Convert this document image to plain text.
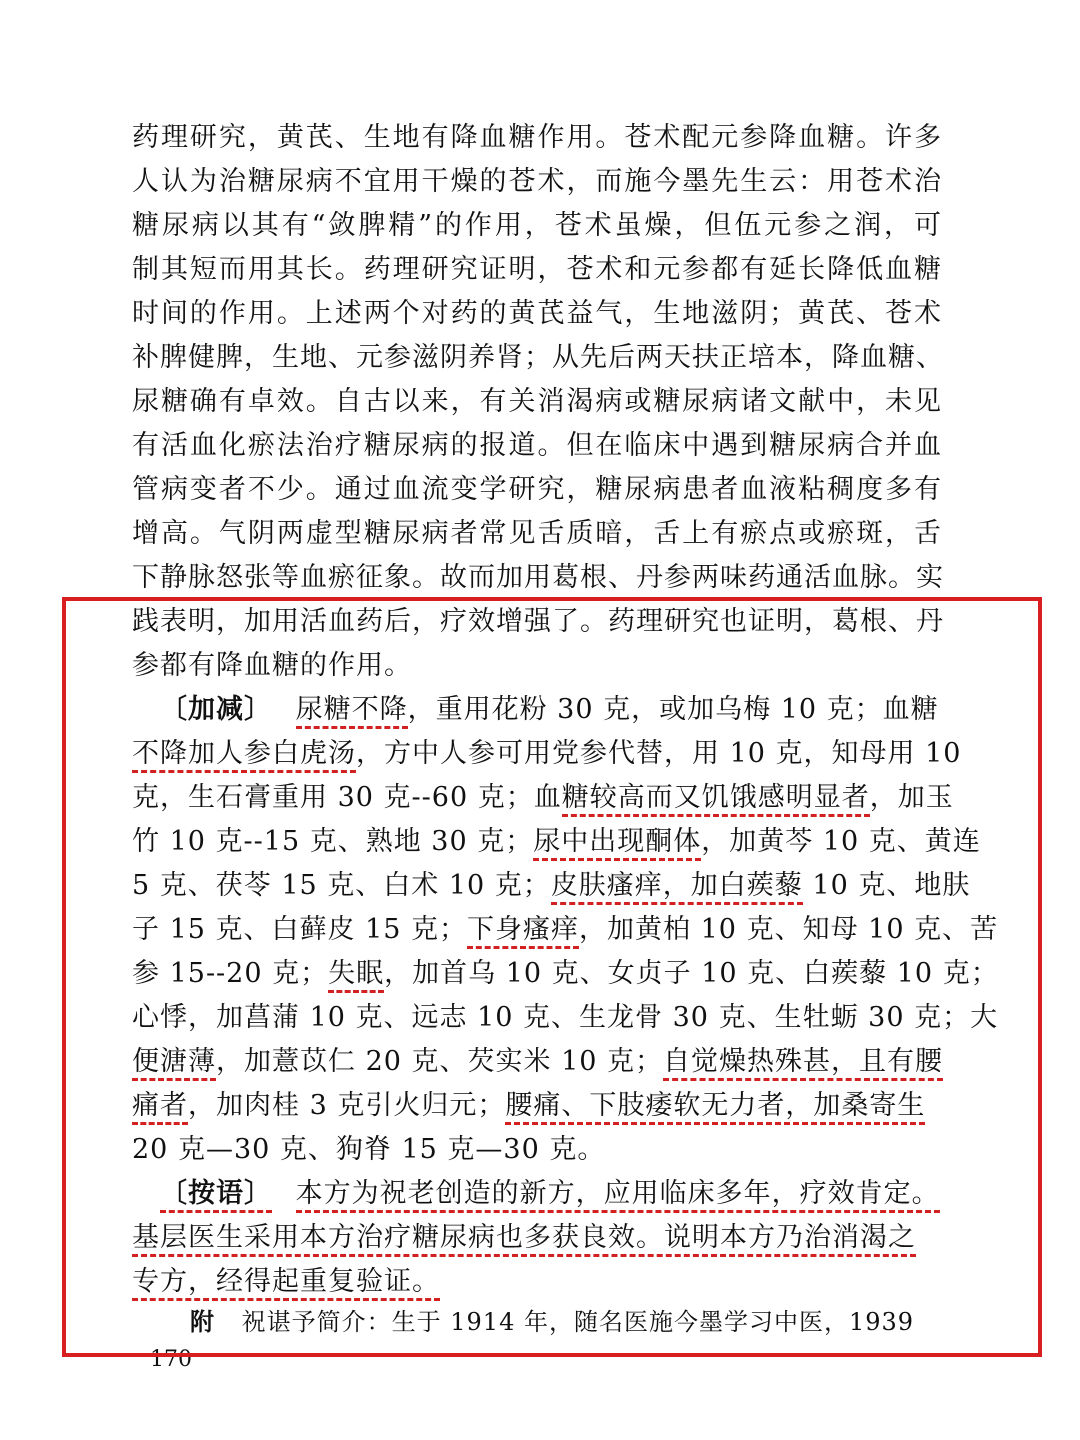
药理研究，黄芪、生地有降血糖作用。苍术配元参降血糖。许多
人认为治糖尿病不宜用干燥的苍术，而施今墨先生云：用苍术治
糖尿病以其有“敛脾精”的作用，苍术虽燥，但伍元参之润，可
制其短而用其长。药理研究证明，苍术和元参都有延长降低血糖
时间的作用。上述两个对药的黄芪益气，生地滋阴；黄芪、苍术
补脾健脾，生地、元参滋阴养肾；从先后两天扶正培本，降血糖、
尿糖确有卓效。自古以来，有关消渴病或糖尿病诸文献中，未见
有活血化瘀法治疗糖尿病的报道。但在临床中遇到糖尿病合并血
管病变者不少。通过血流变学研究，糖尿病患者血液粘稠度多有
增高。气阴两虚型糖尿病者常见舌质暗，舌上有瘀点或瘀斑，舌
下静脉怒张等血瘀征象。故而加用葛根、丹参两味药通活血脉。实
践表明，加用活血药后，疗效增强了。药理研究也证明，葛根、丹
参都有降血糖的作用。
〔加减〕 尿糖不降，重用花粉 30 克，或加乌梅 10 克；血糖
不降加人参白虎汤，方中人参可用党参代替，用 10 克，知母用 10
克，生石膏重用 30 克--60 克；血糖较高而又饥饿感明显者，加玉
竹 10 克--15 克、熟地 30 克；尿中出现酮体，加黄芩 10 克、黄连
5 克、茯苓 15 克、白术 10 克；皮肤瘙痒，加白蒺藜 10 克、地肤
子 15 克、白藓皮 15 克；下身瘙痒，加黄柏 10 克、知母 10 克、苦
参 15--20 克；失眠，加首乌 10 克、女贞子 10 克、白蒺藜 10 克；
心悸，加菖蒲 10 克、远志 10 克、生龙骨 30 克、生牡蛎 30 克；大
便溏薄，加薏苡仁 20 克、芡实米 10 克；自觉燥热殊甚，且有腰
痛者，加肉桂 3 克引火归元；腰痛、下肢痿软无力者，加桑寄生
20 克—30 克、狗脊 15 克—30 克。
〔按语〕 本方为祝老创造的新方，应用临床多年，疗效肯定。
基层医生采用本方治疗糖尿病也多获良效。说明本方乃治消渴之
专方，经得起重复验证。
附 祝谌予简介：生于 1914 年，随名医施今墨学习中医，1939
170
